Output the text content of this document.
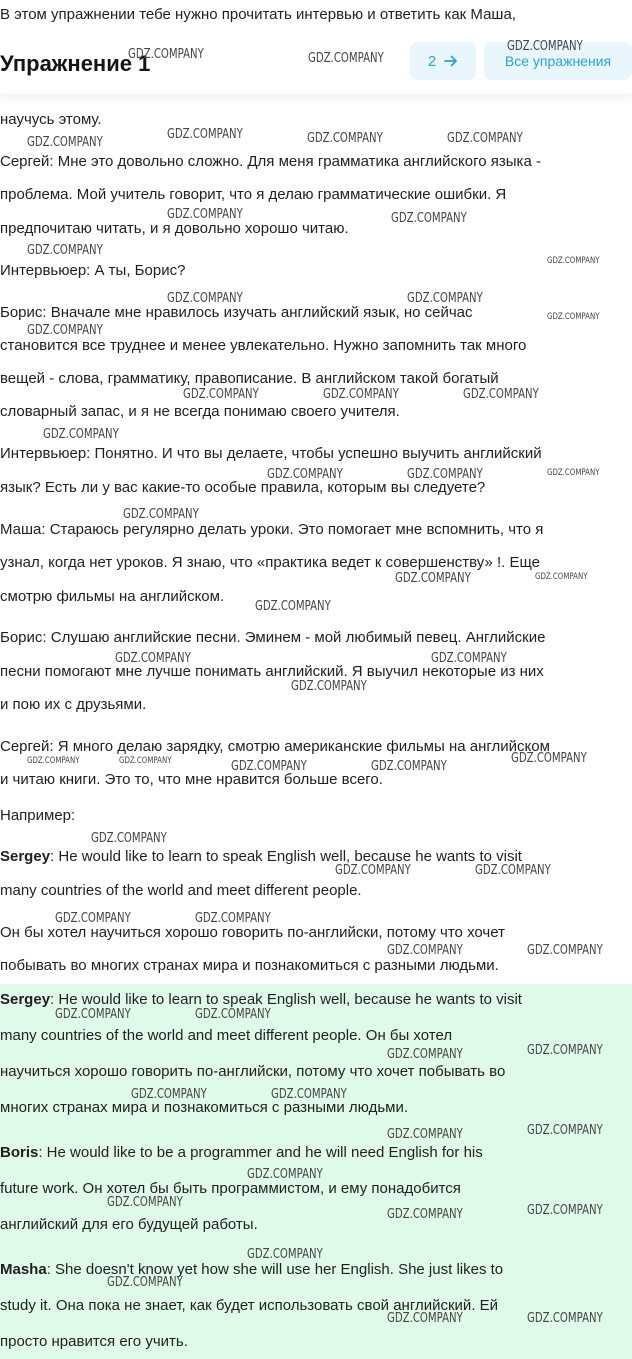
В этом упражнении тебе нужно прочитать интервью и ответить как Маша,
научусь этому.
Сергей: Мне это довольно сложно. Для меня грамматика английского языка -
проблема. Мой учитель говорит, что я делаю грамматические ошибки. Я
предпочитаю читать, и я довольно хорошо читаю.
Интервьюер: А ты, Борис?
Борис: Вначале мне нравилось изучать английский язык, но сейчас
становится все труднее и менее увлекательно. Нужно запомнить так много
вещей - слова, грамматику, правописание. В английском такой богатый
словарный запас, и я не всегда понимаю своего учителя.
Интервьюер: Понятно. И что вы делаете, чтобы успешно выучить английский
язык? Есть ли у вас какие-то особые правила, которым вы следуете?
Маша: Стараюсь регулярно делать уроки. Это помогает мне вспомнить, что я
узнал, когда нет уроков. Я знаю, что «практика ведет к совершенству» !. Еще
смотрю фильмы на английском.
Борис: Слушаю английские песни. Эминем - мой любимый певец. Английские
песни помогают мне лучше понимать английский. Я выучил некоторые из них
и пою их с друзьями.
Сергей: Я много делаю зарядку, смотрю американские фильмы на английском
и читаю книги. Это то, что мне нравится больше всего.
Например:
Sergey: He would like to learn to speak English well, because he wants to visit
many countries of the world and meet different people.
Он бы хотел научиться хорошо говорить по-английски, потому что хочет
побывать во многих странах мира и познакомиться с разными людьми.
Sergey: He would like to learn to speak English well, because he wants to visit
many countries of the world and meet different people. Он бы хотел
научиться хорошо говорить по-английски, потому что хочет побывать во
многих странах мира и познакомиться с разными людьми.
Boris: He would like to be a programmer and he will need English for his
future work. Он хотел бы быть программистом, и ему понадобится
английский для его будущей работы.
Masha: She doesn't know yet how she will use her English. She just likes to
study it. Она пока не знает, как будет использовать свой английский. Ей
просто нравится его учить.
Упражнение 1	2	Все упражнения
GDZ.COMPANY
GDZ.COMPANY	GDZ.COMPANY
GDZ.COMPANY
GDZ.COMPANY	GDZ.COMPANY	GDZ.COMPANY
GDZ.COMPANY	GDZ.COMPANY
GDZ.COMPANY
GDZ.COMPANY
GDZ.COMPANY	GDZ.COMPANY
GDZ.COMPANY
GDZ.COMPANY
GDZ.COMPANY	GDZ.COMPANY	GDZ.COMPANY
GDZ.COMPANY
GDZ.COMPANY	GDZ.COMPANY	GDZ.COMPANY
GDZ.COMPANY
GDZ.COMPANY	GDZ.COMPANY
GDZ.COMPANY
GDZ.COMPANY	GDZ.COMPANY
GDZ.COMPANY
GDZ.COMPANY	GDZ.COMPANY	GDZ.COMPANY	GDZ.COMPANY
GDZ.COMPANY
GDZ.COMPANY
GDZ.COMPANY	GDZ.COMPANY
GDZ.COMPANY	GDZ.COMPANY
GDZ.COMPANY	GDZ.COMPANY
GDZ.COMPANY	GDZ.COMPANY
GDZ.COMPANY	GDZ.COMPANY
GDZ.COMPANY	GDZ.COMPANY
GDZ.COMPANY	GDZ.COMPANY
GDZ.COMPANY
GDZ.COMPANY
GDZ.COMPANY	GDZ.COMPANY
GDZ.COMPANY
GDZ.COMPANY
GDZ.COMPANY	GDZ.COMPANY
